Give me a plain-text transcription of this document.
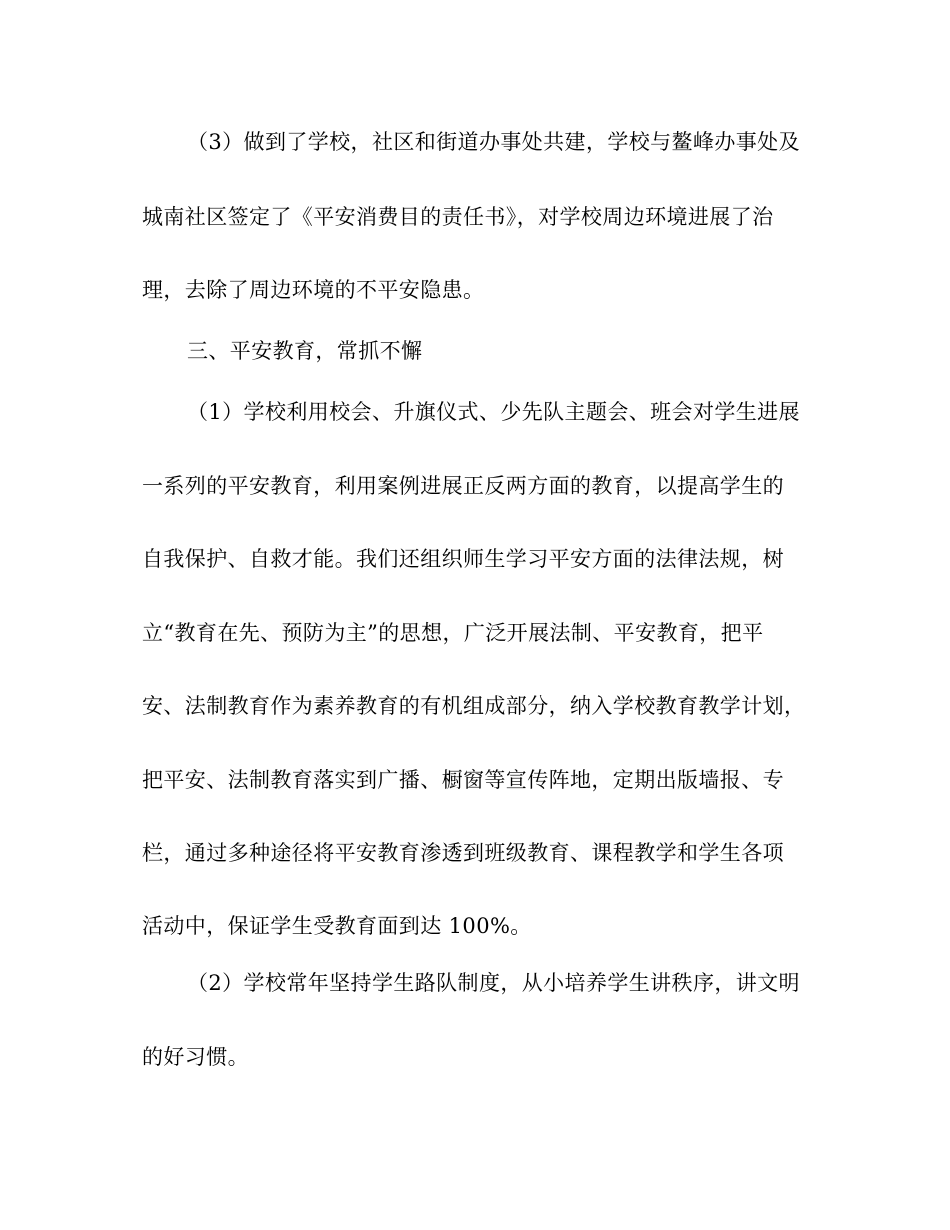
（3）做到了学校，社区和街道办事处共建，学校与鳌峰办事处及
城南社区签定了《平安消费目的责任书》，对学校周边环境进展了治
理，去除了周边环境的不平安隐患。
三、平安教育，常抓不懈
（1）学校利用校会、升旗仪式、少先队主题会、班会对学生进展
一系列的平安教育，利用案例进展正反两方面的教育，以提高学生的
自我保护、自救才能。我们还组织师生学习平安方面的法律法规，树
立“教育在先、预防为主”的思想，广泛开展法制、平安教育，把平
安、法制教育作为素养教育的有机组成部分，纳入学校教育教学计划，
把平安、法制教育落实到广播、橱窗等宣传阵地，定期出版墙报、专
栏，通过多种途径将平安教育渗透到班级教育、课程教学和学生各项
活动中，保证学生受教育面到达 100%。
（2）学校常年坚持学生路队制度，从小培养学生讲秩序，讲文明
的好习惯。
